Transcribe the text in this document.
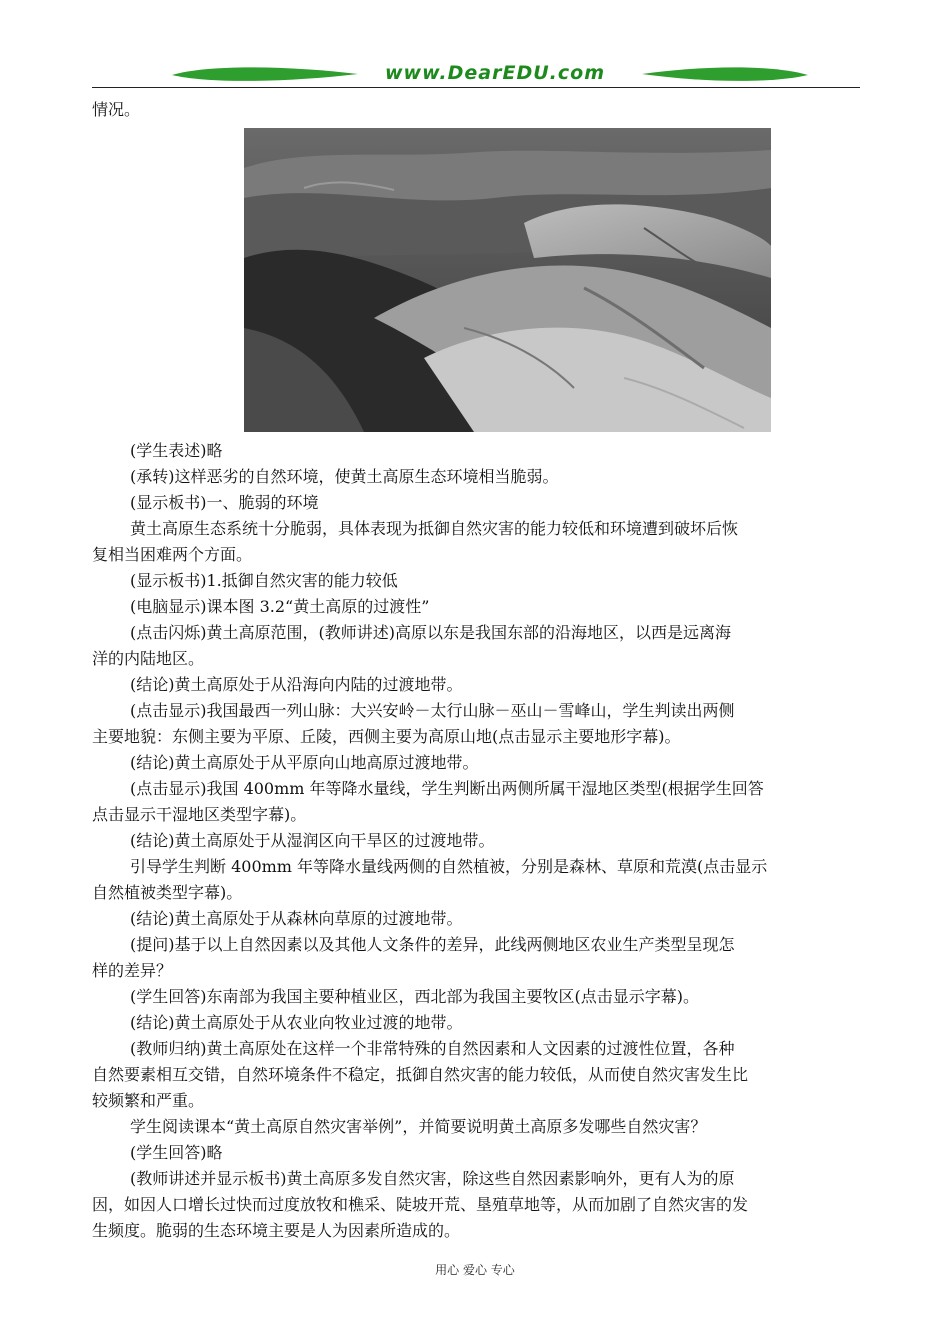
www.DearEDU.com
情况。
(学生表述)略
(承转)这样恶劣的自然环境，使黄土高原生态环境相当脆弱。
(显示板书)一、脆弱的环境
黄土高原生态系统十分脆弱，具体表现为抵御自然灾害的能力较低和环境遭到破坏后恢
复相当困难两个方面。
(显示板书)1.抵御自然灾害的能力较低
(电脑显示)课本图 3.2“黄土高原的过渡性”
(点击闪烁)黄土高原范围，(教师讲述)高原以东是我国东部的沿海地区，以西是远离海
洋的内陆地区。
(结论)黄土高原处于从沿海向内陆的过渡地带。
(点击显示)我国最西一列山脉：大兴安岭－太行山脉－巫山－雪峰山，学生判读出两侧
主要地貌：东侧主要为平原、丘陵，西侧主要为高原山地(点击显示主要地形字幕)。
(结论)黄土高原处于从平原向山地高原过渡地带。
(点击显示)我国 400mm 年等降水量线，学生判断出两侧所属干湿地区类型(根据学生回答
点击显示干湿地区类型字幕)。
(结论)黄土高原处于从湿润区向干旱区的过渡地带。
引导学生判断 400mm 年等降水量线两侧的自然植被，分别是森林、草原和荒漠(点击显示
自然植被类型字幕)。
(结论)黄土高原处于从森林向草原的过渡地带。
(提问)基于以上自然因素以及其他人文条件的差异，此线两侧地区农业生产类型呈现怎
样的差异？
(学生回答)东南部为我国主要种植业区，西北部为我国主要牧区(点击显示字幕)。
(结论)黄土高原处于从农业向牧业过渡的地带。
(教师归纳)黄土高原处在这样一个非常特殊的自然因素和人文因素的过渡性位置，各种
自然要素相互交错，自然环境条件不稳定，抵御自然灾害的能力较低，从而使自然灾害发生比
较频繁和严重。
学生阅读课本“黄土高原自然灾害举例”，并简要说明黄土高原多发哪些自然灾害？
(学生回答)略
(教师讲述并显示板书)黄土高原多发自然灾害，除这些自然因素影响外，更有人为的原
因，如因人口增长过快而过度放牧和樵采、陡坡开荒、垦殖草地等，从而加剧了自然灾害的发
生频度。脆弱的生态环境主要是人为因素所造成的。
用心 爱心 专心
